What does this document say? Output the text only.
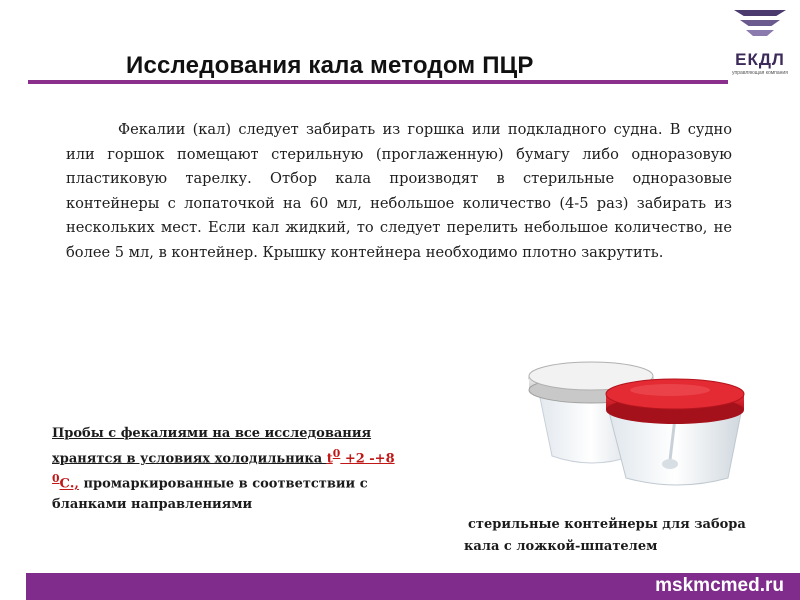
ЕКДЛ
управляющая компания
Исследования кала методом ПЦР

Фекалии (кал) следует забирать из горшка или подкладного судна. В судно или горшок помещают стерильную (проглаженную) бумагу либо одноразовую пластиковую тарелку. Отбор кала производят в стерильные одноразовые контейнеры с лопаточкой на 60 мл, небольшое количество (4-5 раз) забирать из нескольких мест. Если кал жидкий, то следует перелить небольшое количество, не более 5 мл, в контейнер. Крышку контейнера необходимо плотно закрутить.

Пробы с фекалиями на все исследования хранятся в условиях холодильника $t^0 +2$ -+8 $^0$С., промаркированные в соответствии с бланками направлениями

стерильные контейнеры для забора
кала с ложкой-шпателем
mskmcmed.ru
